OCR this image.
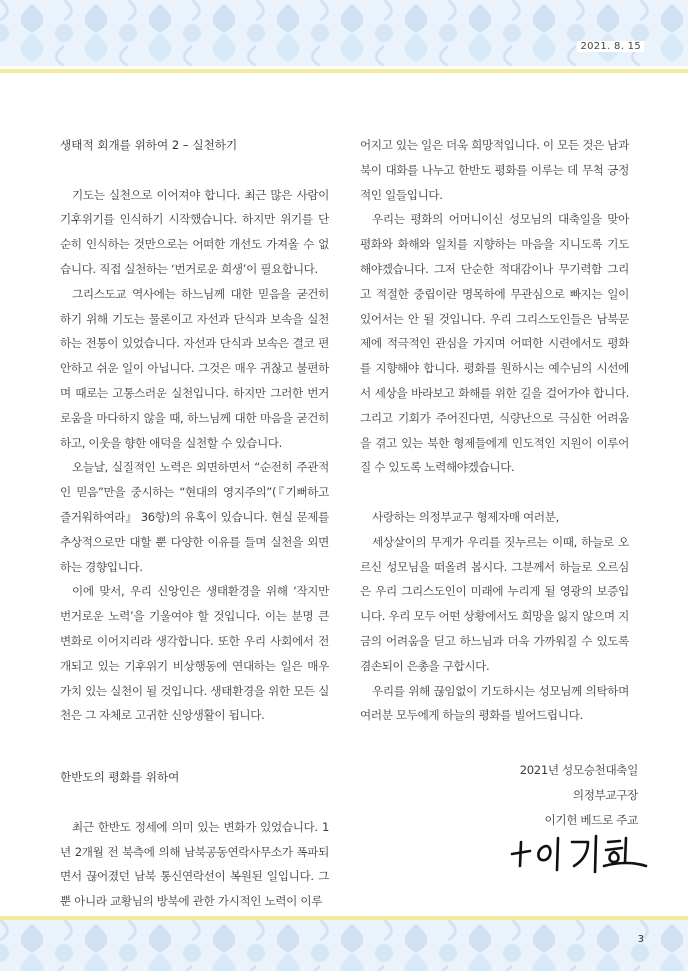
2021. 8. 15
생태적 회개를 위하여 2 – 실천하기

기도는 실천으로 이어져야 합니다. 최근 많은 사람이 기후위기를 인식하기 시작했습니다. 하지만 위기를 단순히 인식하는 것만으로는 어떠한 개선도 가져올 수 없습니다. 직접 실천하는 ‘번거로운 희생’이 필요합니다.

그리스도교 역사에는 하느님께 대한 믿음을 굳건히 하기 위해 기도는 물론이고 자선과 단식과 보속을 실천하는 전통이 있었습니다. 자선과 단식과 보속은 결코 편안하고 쉬운 일이 아닙니다. 그것은 매우 귀찮고 불편하며 때로는 고통스러운 실천입니다. 하지만 그러한 번거로움을 마다하지 않을 때, 하느님께 대한 마음을 굳건히 하고, 이웃을 향한 애덕을 실천할 수 있습니다.

오늘날, 실질적인 노력은 외면하면서 “순전히 주관적인 믿음”만을 중시하는 “현대의 영지주의”(『기뻐하고 즐거워하여라』 36항)의 유혹이 있습니다. 현실 문제를 추상적으로만 대할 뿐 다양한 이유를 들며 실천을 외면하는 경향입니다.

이에 맞서, 우리 신앙인은 생태환경을 위해 ‘작지만 번거로운 노력’을 기울여야 할 것입니다. 이는 분명 큰 변화로 이어지리라 생각합니다. 또한 우리 사회에서 전개되고 있는 기후위기 비상행동에 연대하는 일은 매우 가치 있는 실천이 될 것입니다. 생태환경을 위한 모든 실천은 그 자체로 고귀한 신앙생활이 됩니다.

한반도의 평화를 위하여

최근 한반도 정세에 의미 있는 변화가 있었습니다. 1년 2개월 전 북측에 의해 남북공동연락사무소가 폭파되면서 끊어졌던 남북 통신연락선이 복원된 일입니다. 그뿐 아니라 교황님의 방북에 관한 가시적인 노력이 이루

어지고 있는 일은 더욱 희망적입니다. 이 모든 것은 남과 북이 대화를 나누고 한반도 평화를 이루는 데 무척 긍정적인 일들입니다.

우리는 평화의 어머니이신 성모님의 대축일을 맞아 평화와 화해와 일치를 지향하는 마음을 지니도록 기도해야겠습니다. 그저 단순한 적대감이나 무기력함 그리고 적절한 중립이란 명목하에 무관심으로 빠지는 일이 있어서는 안 될 것입니다. 우리 그리스도인들은 남북문제에 적극적인 관심을 가지며 어떠한 시련에서도 평화를 지향해야 합니다. 평화를 원하시는 예수님의 시선에서 세상을 바라보고 화해를 위한 길을 걸어가야 합니다. 그리고 기회가 주어진다면, 식량난으로 극심한 어려움을 겪고 있는 북한 형제들에게 인도적인 지원이 이루어질 수 있도록 노력해야겠습니다.

사랑하는 의정부교구 형제자매 여러분,

세상살이의 무게가 우리를 짓누르는 이때, 하늘로 오르신 성모님을 떠올려 봅시다. 그분께서 하늘로 오르심은 우리 그리스도인이 미래에 누리게 될 영광의 보증입니다. 우리 모두 어떤 상황에서도 희망을 잃지 않으며 지금의 어려움을 딛고 하느님과 더욱 가까워질 수 있도록 겸손되이 은총을 구합시다.

우리를 위해 끊임없이 기도하시는 성모님께 의탁하며 여러분 모두에게 하늘의 평화를 빌어드립니다.

2021년 성모승천대축일
의정부교구장
이기헌 베드로 주교
3
